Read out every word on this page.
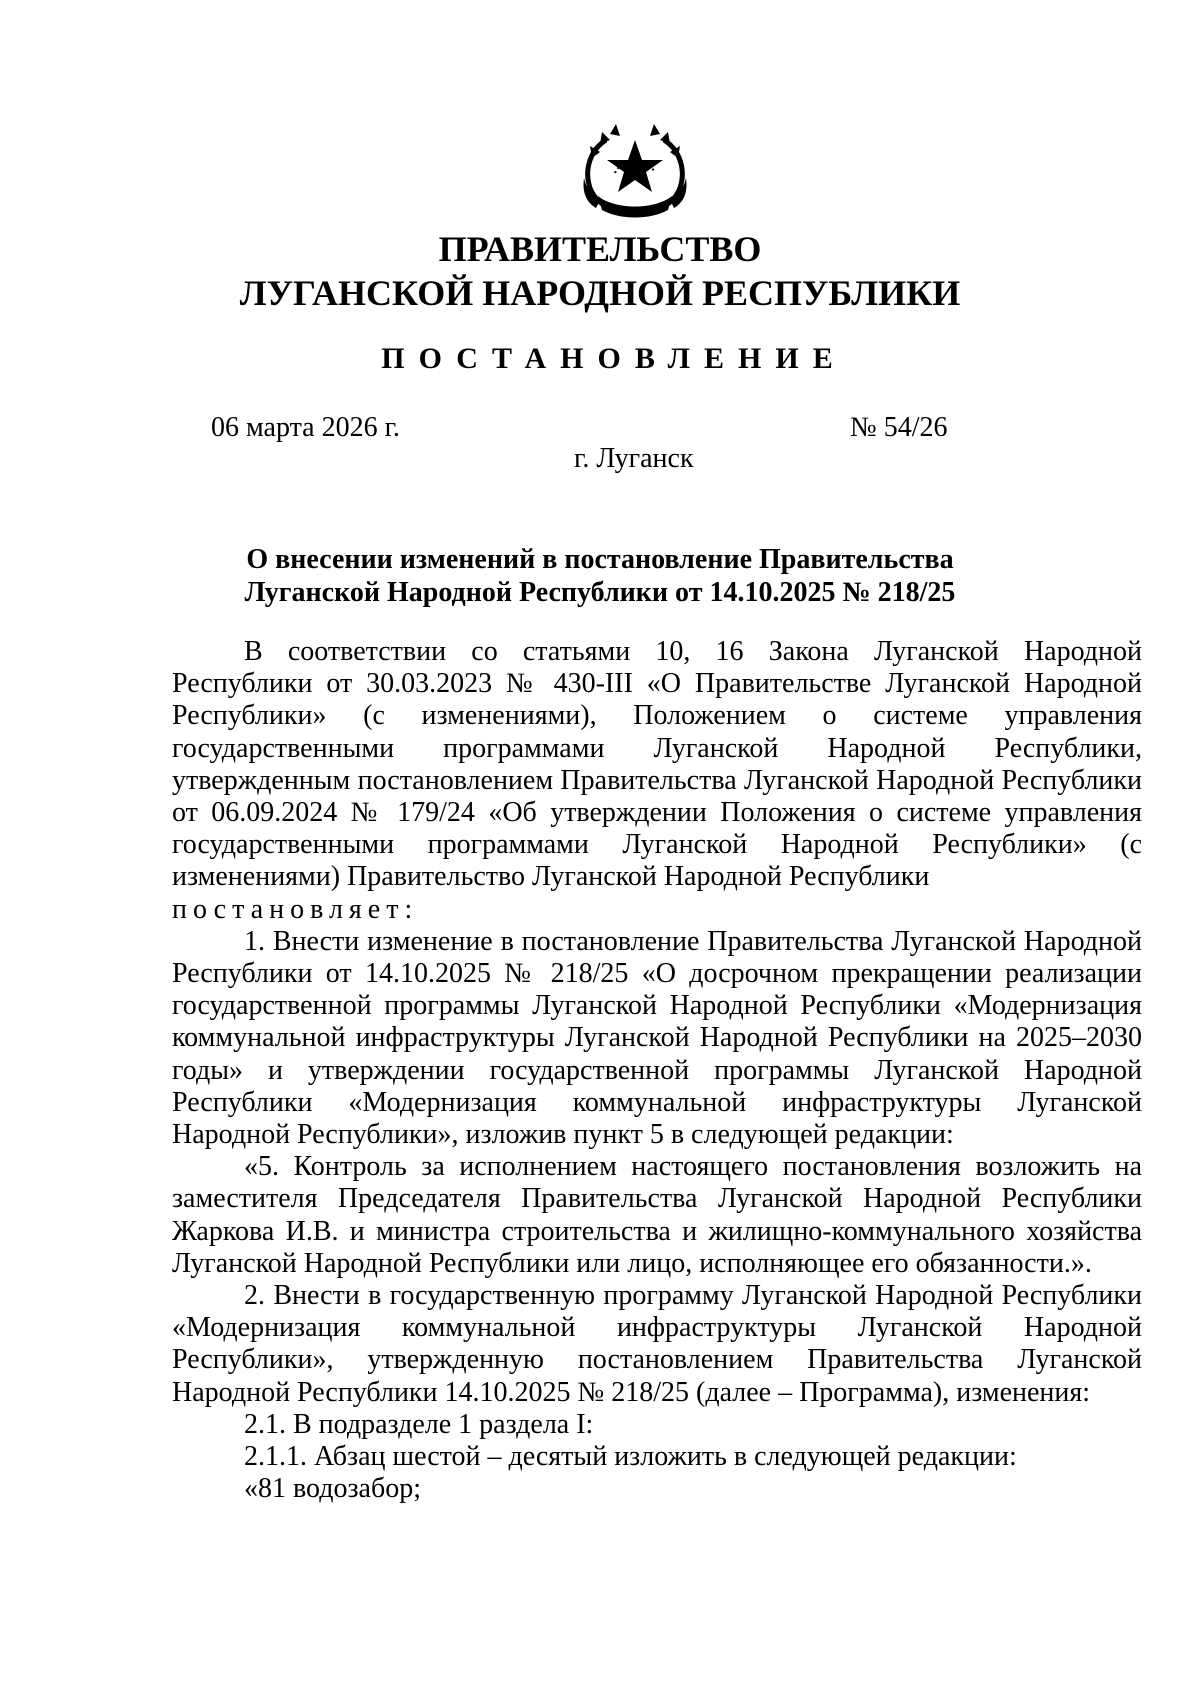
ПРАВИТЕЛЬСТВО
ЛУГАНСКОЙ НАРОДНОЙ РЕСПУБЛИКИ
ПОСТАНОВЛЕНИЕ
06 марта 2026 г.	№ 54/26
г. Луганск
О внесении изменений в постановление Правительства
Луганской Народной Республики от 14.10.2025 № 218/25

В соответствии со статьями 10, 16 Закона Луганской Народной Республики от 30.03.2023 № 430-III «О Правительстве Луганской Народной Республики» (с изменениями), Положением о системе управления государственными программами Луганской Народной Республики, утвержденным постановлением Правительства Луганской Народной Республики от 06.09.2024 № 179/24 «Об утверждении Положения о системе управления государственными программами Луганской Народной Республики» (с изменениями) Правительство Луганской Народной Республики

постановляет:

1. Внести изменение в постановление Правительства Луганской Народной Республики от 14.10.2025 № 218/25 «О досрочном прекращении реализации государственной программы Луганской Народной Республики «Модернизация коммунальной инфраструктуры Луганской Народной Республики на 2025–2030 годы» и утверждении государственной программы Луганской Народной Республики «Модернизация коммунальной инфраструктуры Луганской Народной Республики», изложив пункт 5 в следующей редакции:

«5. Контроль за исполнением настоящего постановления возложить на заместителя Председателя Правительства Луганской Народной Республики Жаркова И.В. и министра строительства и жилищно-коммунального хозяйства Луганской Народной Республики или лицо, исполняющее его обязанности.».

2. Внести в государственную программу Луганской Народной Республики «Модернизация коммунальной инфраструктуры Луганской Народной Республики», утвержденную постановлением Правительства Луганской Народной Республики 14.10.2025 № 218/25 (далее – Программа), изменения:

2.1. В подразделе 1 раздела I:

2.1.1. Абзац шестой – десятый изложить в следующей редакции:

«81 водозабор;
